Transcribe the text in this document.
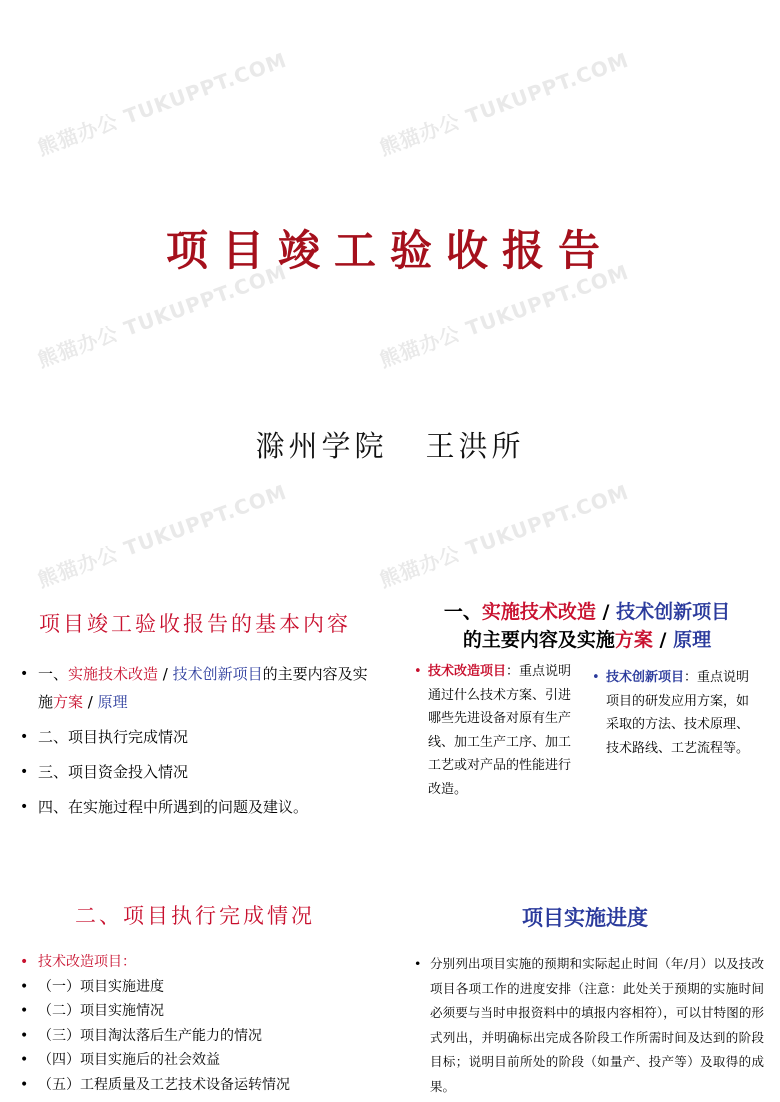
熊猫办公 TUKUPPT.COM	熊猫办公 TUKUPPT.COM
熊猫办公 TUKUPPT.COM	熊猫办公 TUKUPPT.COM
熊猫办公 TUKUPPT.COM	熊猫办公 TUKUPPT.COM
项目竣工验收报告
滁州学院 王洪所
项目竣工验收报告的基本内容
• 一、实施技术改造 / 技术创新项目的主要内容及实施方案 / 原理
• 二、项目执行完成情况
• 三、项目资金投入情况
• 四、在实施过程中所遇到的问题及建议。
一、实施技术改造 / 技术创新项目
的主要内容及实施方案 / 原理
• 技术改造项目：重点说明通过什么技术方案、引进哪些先进设备对原有生产线、加工生产工序、加工工艺或对产品的性能进行改造。
• 技术创新项目：重点说明项目的研发应用方案，如采取的方法、技术原理、技术路线、工艺流程等。
二、项目执行完成情况
• 技术改造项目：
• （一）项目实施进度
• （二）项目实施情况
• （三）项目淘汰落后生产能力的情况
• （四）项目实施后的社会效益
• （五）工程质量及工艺技术设备运转情况
项目实施进度
• 分别列出项目实施的预期和实际起止时间（年/月）以及技改项目各项工作的进度安排（注意：此处关于预期的实施时间必须要与当时申报资料中的填报内容相符），可以甘特图的形式列出，并明确标出完成各阶段工作所需时间及达到的阶段目标；说明目前所处的阶段（如量产、投产等）及取得的成果。
